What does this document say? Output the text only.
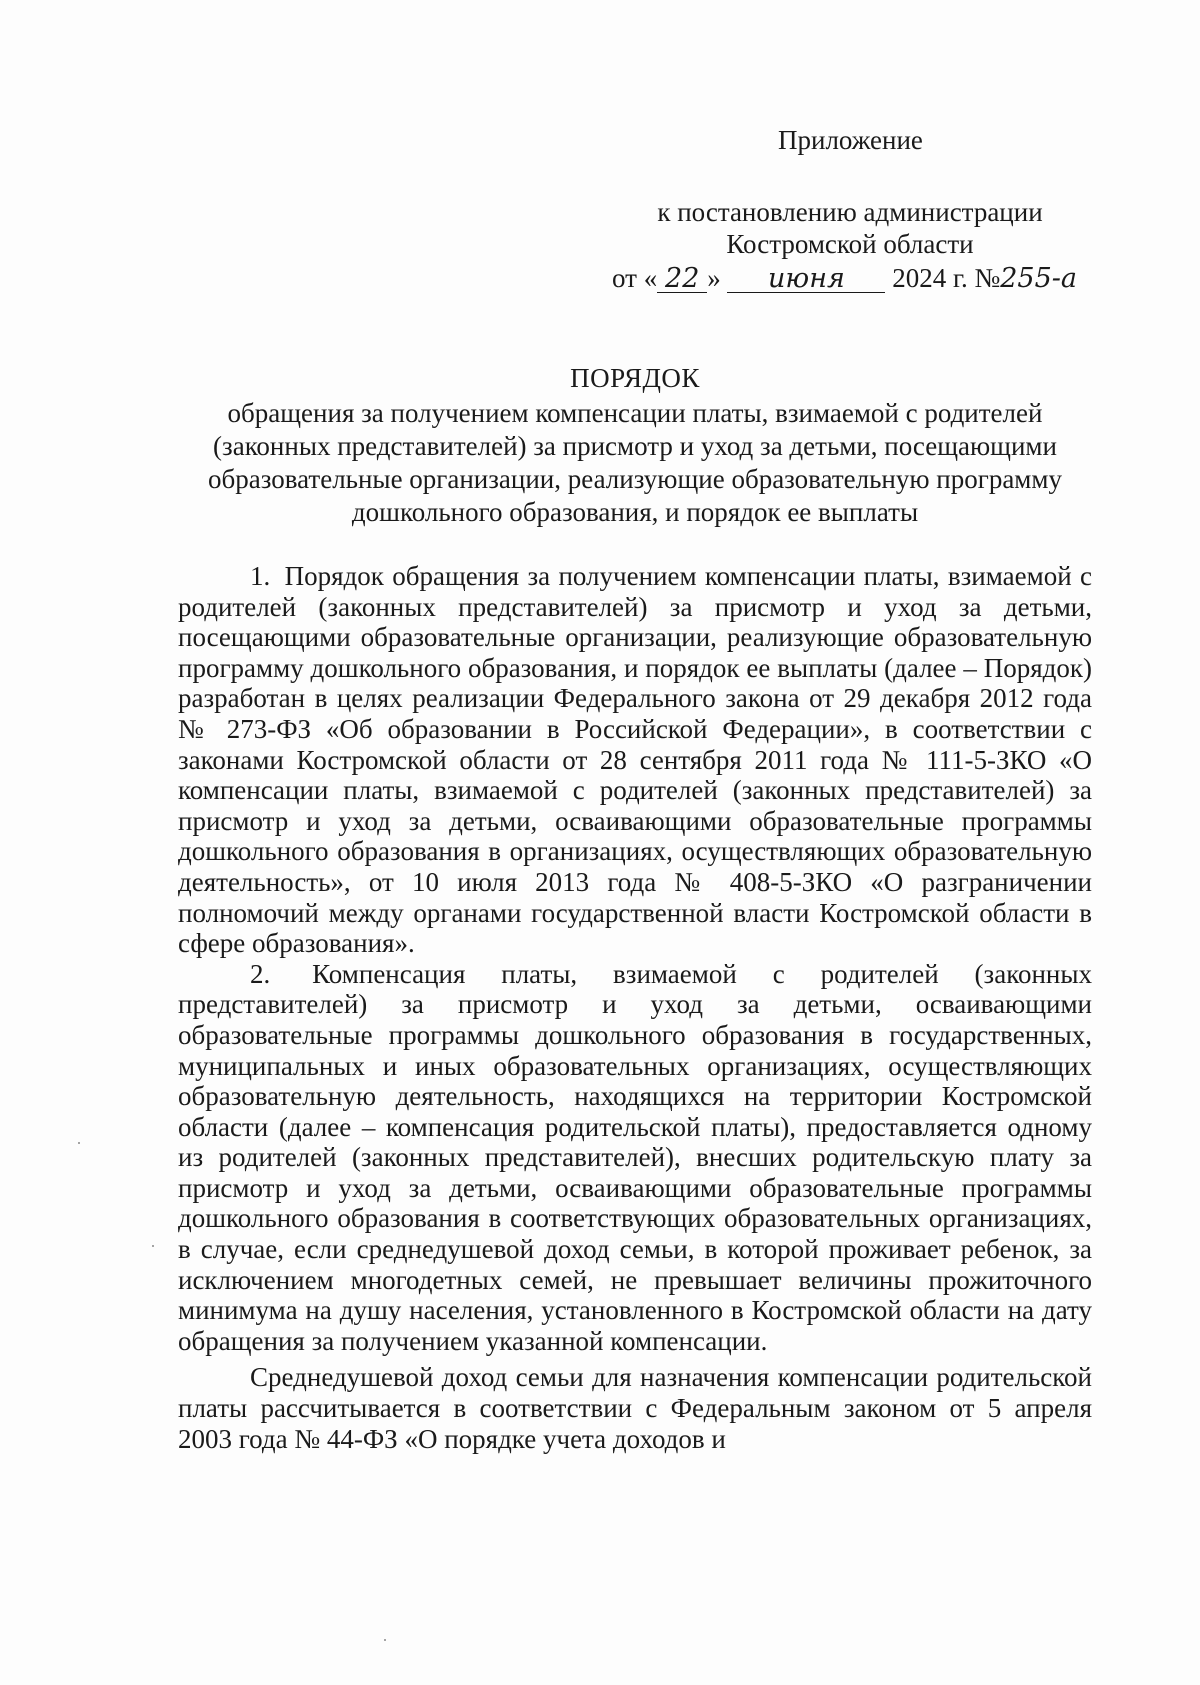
Приложение
к постановлению администрации
Костромской области
от « 22 » июня 2024 г. №255-а
ПОРЯДОК
обращения за получением компенсации платы, взимаемой с родителей
(законных представителей) за присмотр и уход за детьми, посещающими
образовательные организации, реализующие образовательную программу
дошкольного образования, и порядок ее выплаты

1. Порядок обращения за получением компенсации платы, взимаемой с родителей (законных представителей) за присмотр и уход за детьми, посещающими образовательные организации, реализующие образовательную программу дошкольного образования, и порядок ее выплаты (далее – Порядок) разработан в целях реализации Федерального закона от 29 декабря 2012 года № 273-ФЗ «Об образовании в Российской Федерации», в соответствии с законами Костромской области от 28 сентября 2011 года № 111-5-ЗКО «О компенсации платы, взимаемой с родителей (законных представителей) за присмотр и уход за детьми, осваивающими образовательные программы дошкольного образования в организациях, осуществляющих образовательную деятельность», от 10 июля 2013 года № 408-5-ЗКО «О разграничении полномочий между органами государственной власти Костромской области в сфере образования».

2. Компенсация платы, взимаемой с родителей (законных представителей) за присмотр и уход за детьми, осваивающими образовательные программы дошкольного образования в государственных, муниципальных и иных образовательных организациях, осуществляющих образовательную деятельность, находящихся на территории Костромской области (далее – компенсация родительской платы), предоставляется одному из родителей (законных представителей), внесших родительскую плату за присмотр и уход за детьми, осваивающими образовательные программы дошкольного образования в соответствующих образовательных организациях, в случае, если среднедушевой доход семьи, в которой проживает ребенок, за исключением многодетных семей, не превышает величины прожиточного минимума на душу населения, установленного в Костромской области на дату обращения за получением указанной компенсации.

Среднедушевой доход семьи для назначения компенсации родительской платы рассчитывается в соответствии с Федеральным законом от 5 апреля 2003 года № 44-ФЗ «О порядке учета доходов и
